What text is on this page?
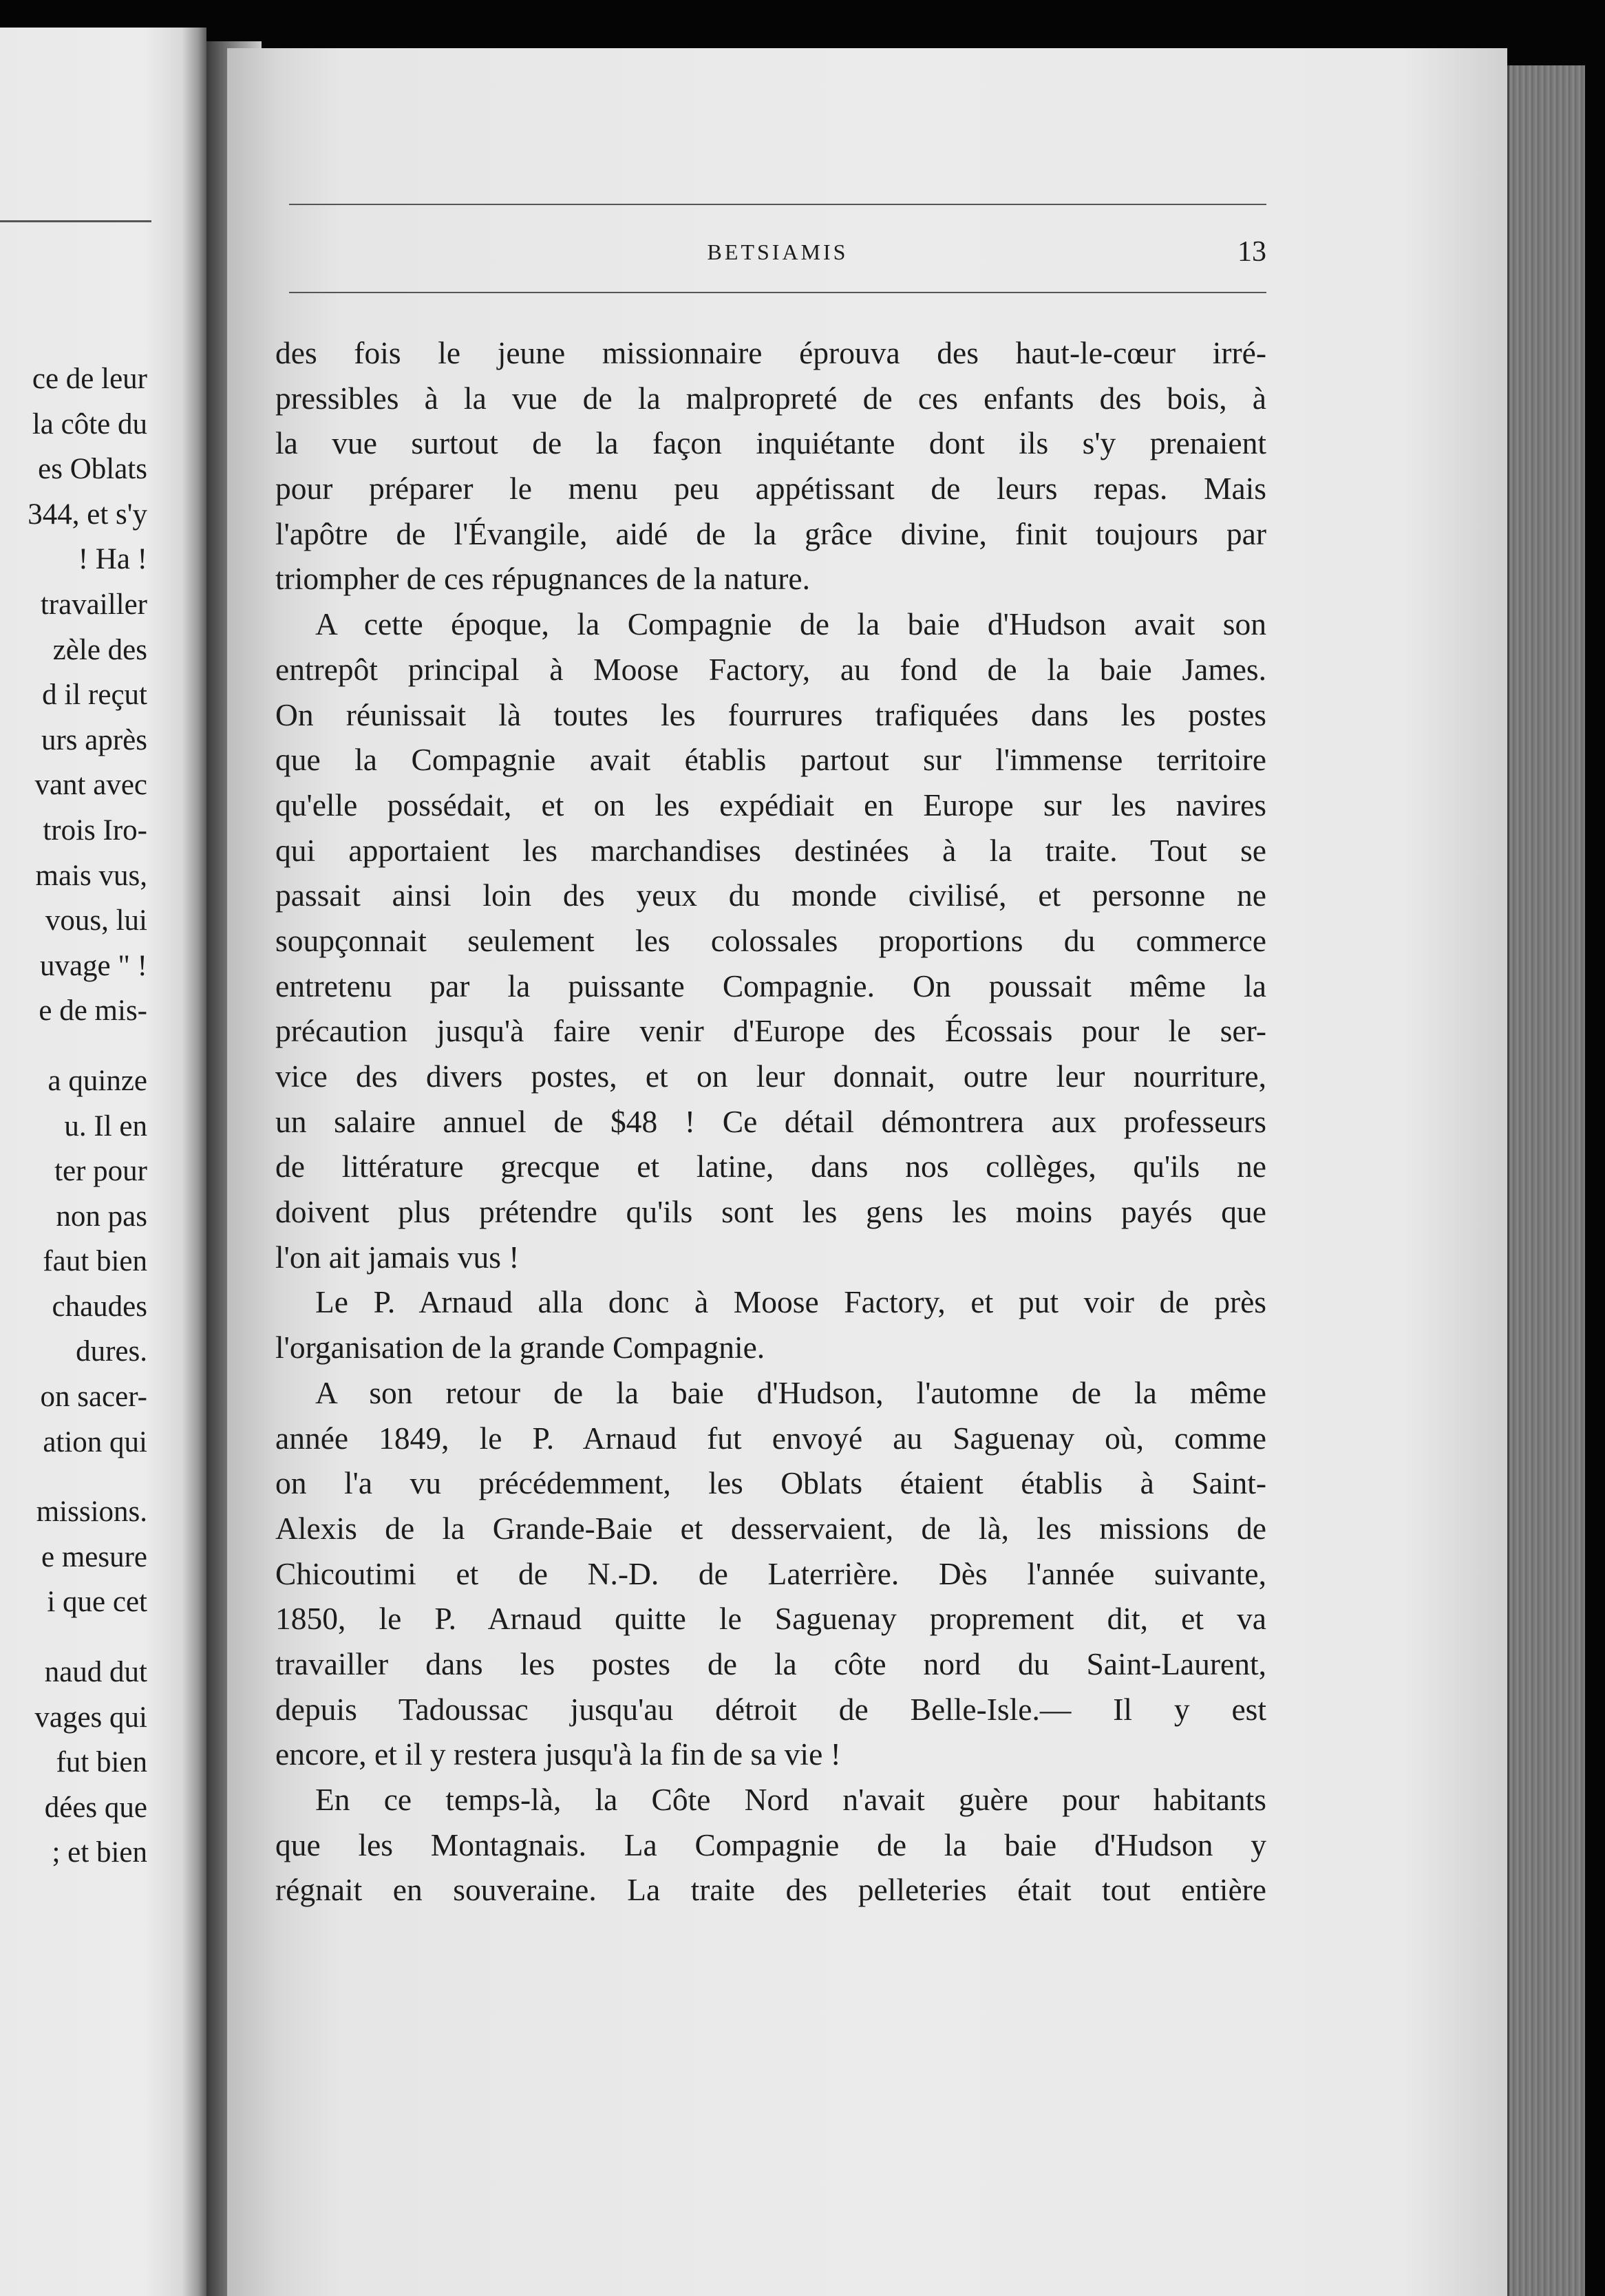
ce de leur
la côte du
es Oblats
344, et s'y
! Ha !
travailler
zèle des
d il reçut
urs après
vant avec
trois Iro-
mais vus,
vous, lui
uvage " !
e de mis-
a quinze
u. Il en
ter pour
non pas
faut bien
chaudes
dures.
on sacer-
ation qui
missions.
e mesure
i que cet
naud dut
vages qui
fut bien
dées que
; et bien
BETSIAMIS	13
des fois le jeune missionnaire éprouva des haut-le-cœur irré-
pressibles à la vue de la malpropreté de ces enfants des bois, à
la vue surtout de la façon inquiétante dont ils s'y prenaient
pour préparer le menu peu appétissant de leurs repas. Mais
l'apôtre de l'Évangile, aidé de la grâce divine, finit toujours par
triompher de ces répugnances de la nature.
A cette époque, la Compagnie de la baie d'Hudson avait son
entrepôt principal à Moose Factory, au fond de la baie James.
On réunissait là toutes les fourrures trafiquées dans les postes
que la Compagnie avait établis partout sur l'immense territoire
qu'elle possédait, et on les expédiait en Europe sur les navires
qui apportaient les marchandises destinées à la traite. Tout se
passait ainsi loin des yeux du monde civilisé, et personne ne
soupçonnait seulement les colossales proportions du commerce
entretenu par la puissante Compagnie. On poussait même la
précaution jusqu'à faire venir d'Europe des Écossais pour le ser-
vice des divers postes, et on leur donnait, outre leur nourriture,
un salaire annuel de $48 ! Ce détail démontrera aux professeurs
de littérature grecque et latine, dans nos collèges, qu'ils ne
doivent plus prétendre qu'ils sont les gens les moins payés que
l'on ait jamais vus !
Le P. Arnaud alla donc à Moose Factory, et put voir de près
l'organisation de la grande Compagnie.
A son retour de la baie d'Hudson, l'automne de la même
année 1849, le P. Arnaud fut envoyé au Saguenay où, comme
on l'a vu précédemment, les Oblats étaient établis à Saint-
Alexis de la Grande-Baie et desservaient, de là, les missions de
Chicoutimi et de N.-D. de Laterrière. Dès l'année suivante,
1850, le P. Arnaud quitte le Saguenay proprement dit, et va
travailler dans les postes de la côte nord du Saint-Laurent,
depuis Tadoussac jusqu'au détroit de Belle-Isle.— Il y est
encore, et il y restera jusqu'à la fin de sa vie !
En ce temps-là, la Côte Nord n'avait guère pour habitants
que les Montagnais. La Compagnie de la baie d'Hudson y
régnait en souveraine. La traite des pelleteries était tout entière
